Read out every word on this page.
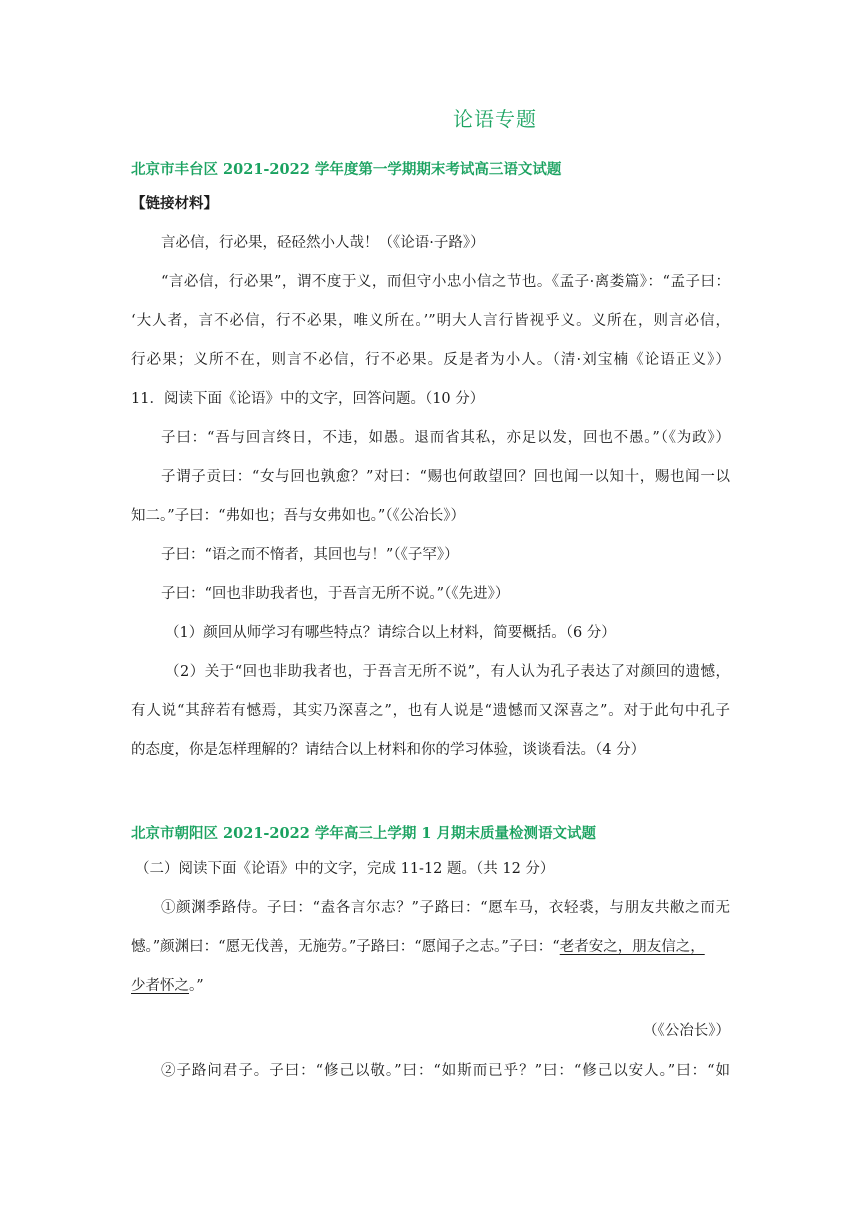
论语专题
北京市丰台区 2021-2022 学年度第一学期期末考试高三语文试题
【链接材料】
言必信，行必果，硁硁然小人哉！（《论语·子路》）
“言必信，行必果”，谓不度于义，而但守小忠小信之节也。《孟子·离娄篇》：“孟子曰：
‘大人者，言不必信，行不必果，唯义所在。’”明大人言行皆视乎义。义所在，则言必信，
行必果；义所不在，则言不必信，行不必果。反是者为小人。（清·刘宝楠《论语正义》）
11．阅读下面《论语》中的文字，回答问题。（10 分）
子曰：“吾与回言终日，不违，如愚。退而省其私，亦足以发，回也不愚。”（《为政》）
子谓子贡曰：“女与回也孰愈？”对曰：“赐也何敢望回？回也闻一以知十，赐也闻一以
知二。”子曰：“弗如也；吾与女弗如也。”（《公冶长》）
子曰：“语之而不惰者，其回也与！”（《子罕》）
子曰：“回也非助我者也，于吾言无所不说。”（《先进》）
（1）颜回从师学习有哪些特点？请综合以上材料，简要概括。（6 分）
（2）关于“回也非助我者也，于吾言无所不说”，有人认为孔子表达了对颜回的遗憾，
有人说“其辞若有憾焉，其实乃深喜之”，也有人说是“遗憾而又深喜之”。对于此句中孔子
的态度，你是怎样理解的？请结合以上材料和你的学习体验，谈谈看法。（4 分）
北京市朝阳区 2021-2022 学年高三上学期 1 月期末质量检测语文试题
（二）阅读下面《论语》中的文字，完成 11-12 题。（共 12 分）
①颜渊季路侍。子曰：“盍各言尔志？”子路曰：“愿车马，衣轻裘，与朋友共敝之而无
憾。”颜渊曰：“愿无伐善，无施劳。”子路曰：“愿闻子之志。”子曰：“老者安之，朋友信之，
少者怀之。”
（《公冶长》）
②子路问君子。子曰：“修己以敬。”曰：“如斯而已乎？”曰：“修己以安人。”曰：“如
